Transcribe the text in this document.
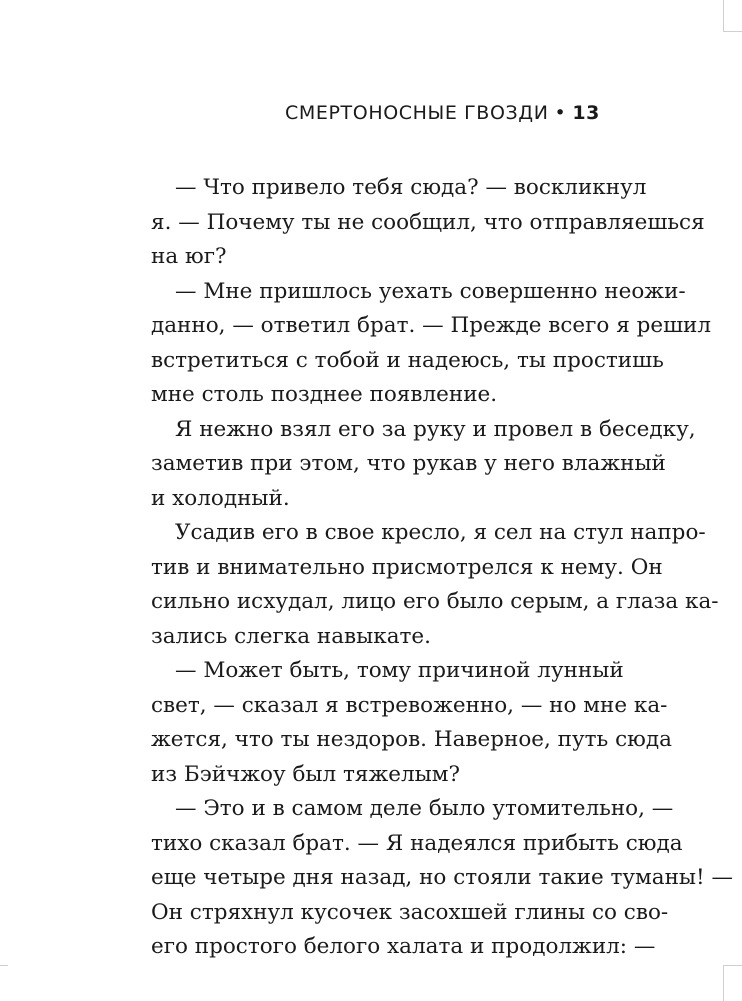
СМЕРТОНОСНЫЕ ГВОЗДИ • 13
— Что привело тебя сюда? — воскликнул
я. — Почему ты не сообщил, что отправляешься
на юг?
— Мне пришлось уехать совершенно неожи-
данно, — ответил брат. — Прежде всего я решил
встретиться с тобой и надеюсь, ты простишь
мне столь позднее появление.
Я нежно взял его за руку и провел в беседку,
заметив при этом, что рукав у него влажный
и холодный.
Усадив его в свое кресло, я сел на стул напро-
тив и внимательно присмотрелся к нему. Он
сильно исхудал, лицо его было серым, а глаза ка-
зались слегка навыкате.
— Может быть, тому причиной лунный
свет, — сказал я встревоженно, — но мне ка-
жется, что ты нездоров. Наверное, путь сюда
из Бэйчжоу был тяжелым?
— Это и в самом деле было утомительно, —
тихо сказал брат. — Я надеялся прибыть сюда
еще четыре дня назад, но стояли такие туманы! —
Он стряхнул кусочек засохшей глины со сво-
его простого белого халата и продолжил: —
